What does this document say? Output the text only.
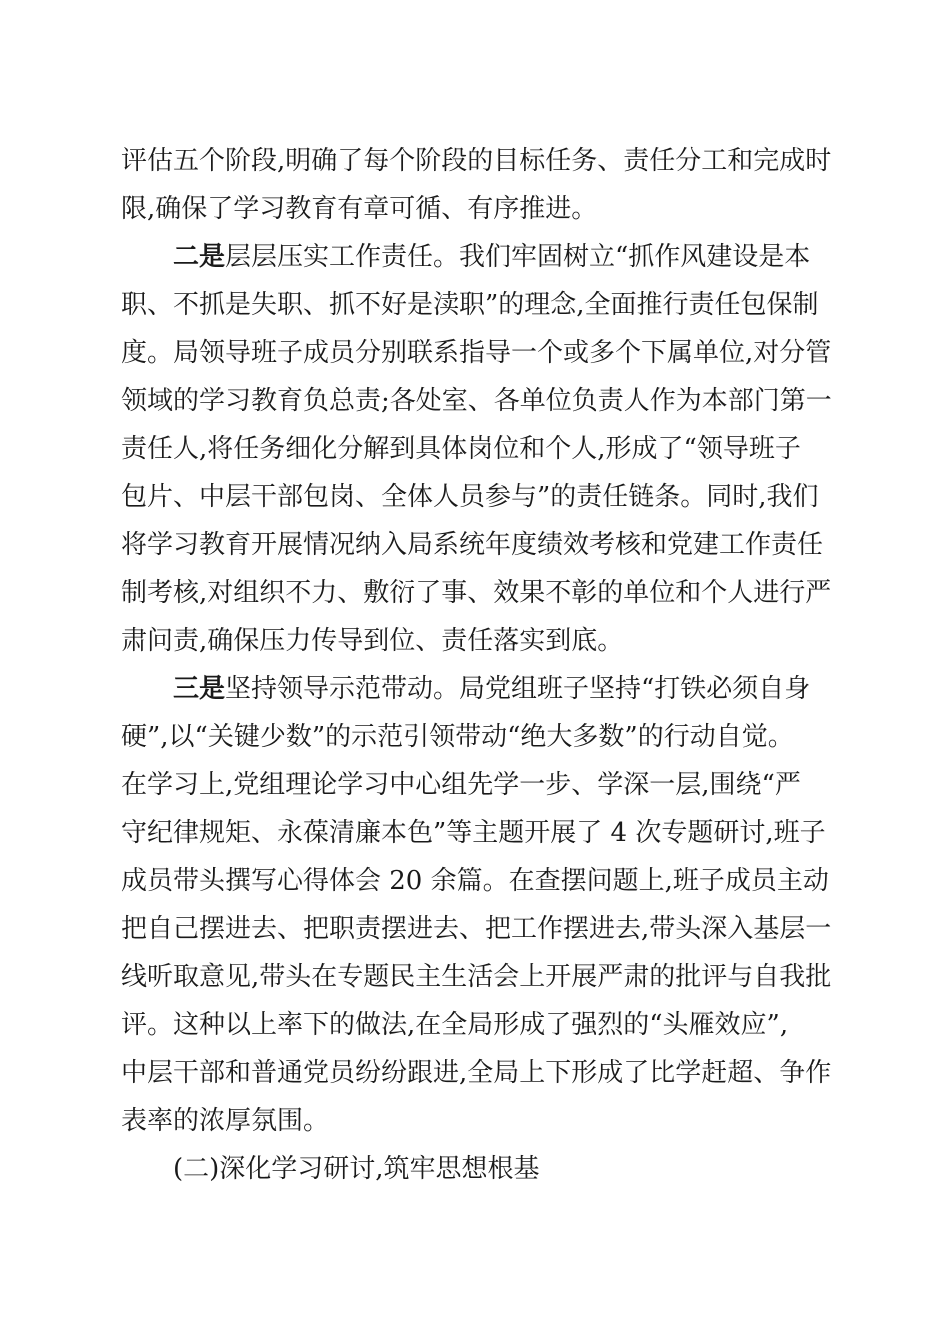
评估五个阶段,明确了每个阶段的目标任务、责任分工和完成时
限,确保了学习教育有章可循、有序推进。
二是 层层压实工作责任。我们牢固树立“抓作风建设是本
职、不抓是失职、抓不好是渎职”的理念,全面推行责任包保制
度。局领导班子成员分别联系指导一个或多个下属单位,对分管
领域的学习教育负总责;各处室、各单位负责人作为本部门第一
责任人,将任务细化分解到具体岗位和个人,形成了“领导班子
包片、中层干部包岗、全体人员参与”的责任链条。同时,我们
将学习教育开展情况纳入局系统年度绩效考核和党建工作责任
制考核,对组织不力、敷衍了事、效果不彰的单位和个人进行严
肃问责,确保压力传导到位、责任落实到底。
三是 坚持领导示范带动。局党组班子坚持“打铁必须自身
硬”,以“关键少数”的示范引领带动“绝大多数”的行动自觉。
在学习上,党组理论学习中心组先学一步、学深一层,围绕“严
守纪律规矩、永葆清廉本色”等主题开展了 4 次专题研讨,班子
成员带头撰写心得体会 20 余篇。在查摆问题上,班子成员主动
把自己摆进去、把职责摆进去、把工作摆进去,带头深入基层一
线听取意见,带头在专题民主生活会上开展严肃的批评与自我批
评。这种以上率下的做法,在全局形成了强烈的“头雁效应”,
中层干部和普通党员纷纷跟进,全局上下形成了比学赶超、争作
表率的浓厚氛围。
(二)深化学习研讨,筑牢思想根基
